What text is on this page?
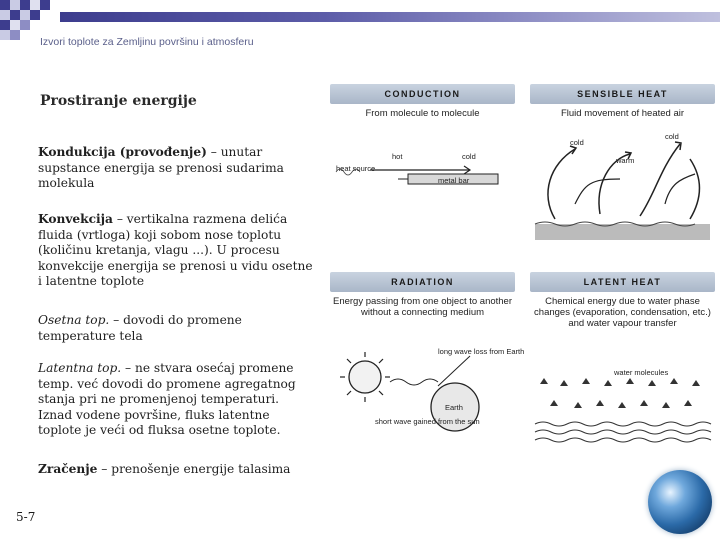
Izvori toplote za Zemljinu površinu i atmosferu
Prostiranje energije
Kondukcija (provođenje) – unutar supstance energija se prenosi sudarima molekula
Konvekcija – vertikalna razmena delića fluida (vrtloga) koji sobom nose toplotu (količinu kretanja, vlagu ...). U procesu konvekcije energija se prenosi u vidu osetne i latentne toplote
Osetna top. – dovodi do promene temperature tela
Latentna top. – ne stvara osećaj promene temp. već dovodi do promene agregatnog stanja pri ne promenjenoj temperaturi. Iznad vodene površine, fluks latentne toplote je veći od fluksa osetne toplote.
Zračenje – prenošenje energije talasima
5-7
CONDUCTION
From molecule to molecule
heat source
hot	cold
metal bar
SENSIBLE HEAT
Fluid movement of heated air
cold
cold
warm
RADIATION
Energy passing from one object to another without a connecting medium
long wave loss from Earth
short wave gained from the sun
Earth
LATENT HEAT
Chemical energy due to water phase changes (evaporation, condensation, etc.) and water vapour transfer
water molecules
